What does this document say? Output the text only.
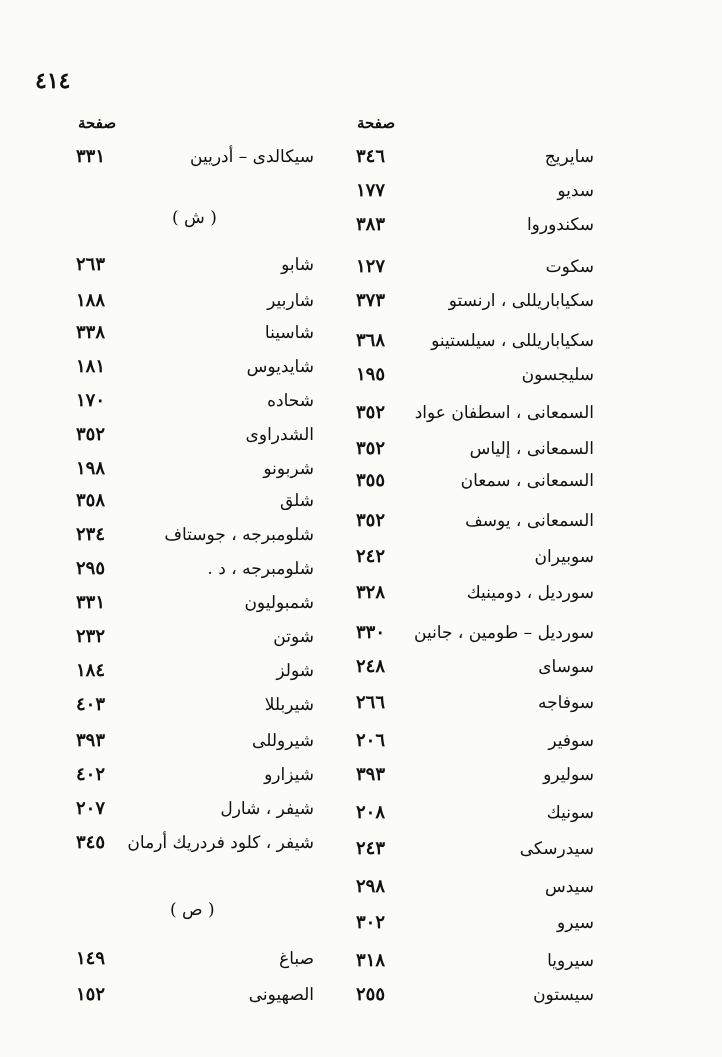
٤١٤
صفحة	صفحة
سايريج
٣٤٦
سديو
١٧٧
سكندوروا
٣٨٣
سكوت
١٢٧
سكياباريللى ، ارنستو
٣٧٣
سكياباريللى ، سيلستينو
٣٦٨
سليجسون
١٩٥
السمعانى ، اسطفان عواد
٣٥٢
السمعانى ، إلياس
٣٥٢
السمعانى ، سمعان
٣٥٥
السمعانى ، يوسف
٣٥٢
سوبيران
٢٤٢
سورديل ، دومينيك
٣٢٨
سورديل – طومين ، جانين
٣٣٠
سوساى
٢٤٨
سوفاجه
٢٦٦
سوفير
٢٠٦
سوليرو
٣٩٣
سونيك
٢٠٨
سيدرسكى
٢٤٣
سيدس
٢٩٨
سيرو
٣٠٢
سيرويا
٣١٨
سيستون
٢٥٥
سيكالدى – أدريين
٣٣١
شابو
٢٦٣
شاربير
١٨٨
شاسينا
٣٣٨
شايديوس
١٨١
شحاده
١٧٠
الشدراوى
٣٥٢
شربونو
١٩٨
شلق
٣٥٨
شلومبرجه ، جوستاف
٢٣٤
شلومبرجه ، د .
٢٩٥
شمبوليون
٣٣١
شوتن
٢٣٢
شولز
١٨٤
شيربللا
٤٠٣
شيروللى
٣٩٣
شيزارو
٤٠٢
شيفر ، شارل
٢٠٧
شيفر ، كلود فردريك أرمان
٣٤٥
صباغ
١٤٩
الصهيونى
١٥٢
( ش )
( ص )
